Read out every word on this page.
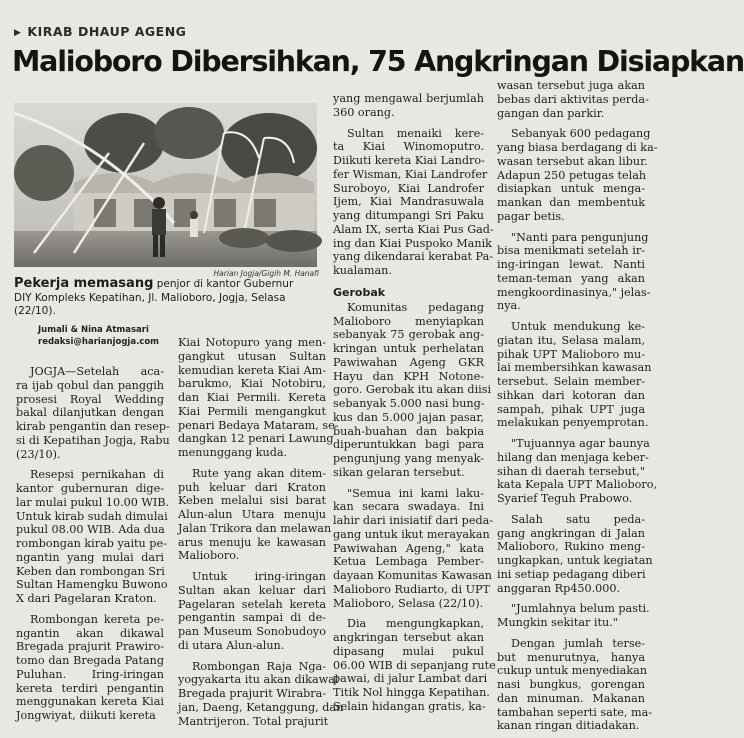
▶ KIRAB DHAUP AGENG
Malioboro Dibersihkan, 75 Angkringan Disiapkan
Harian Jogja/Gigih M. Hanafi
Pekerja memasang penjor di kantor Gubernur
DIY Kompleks Kepatihan, Jl. Malioboro, Jogja, Selasa
(22/10).
Jumali & Nina Atmasari
redaksi@harianjogja.com
JOGJA—Setelah aca-
ra ijab qobul dan panggih
prosesi Royal Wedding
bakal dilanjutkan dengan
kirab pengantin dan resep-
si di Kepatihan Jogja, Rabu
(23/10).
Resepsi pernikahan di
kantor gubernuran dige-
lar mulai pukul 10.00 WIB.
Untuk kirab sudah dimulai
pukul 08.00 WIB. Ada dua
rombongan kirab yaitu pe-
ngantin yang mulai dari
Keben dan rombongan Sri
Sultan Hamengku Buwono
X dari Pagelaran Kraton.
Rombongan kereta pe-
ngantin akan dikawal
Bregada prajurit Prawiro-
tomo dan Bregada Patang
Puluhan. Iring-iringan
kereta terdiri pengantin
menggunakan kereta Kiai
Jongwiyat, diikuti kereta
Kiai Notopuro yang men-
gangkut utusan Sultan
kemudian kereta Kiai Am-
barukmo, Kiai Notobiru,
dan Kiai Permili. Kereta
Kiai Permili mengangkut
penari Bedaya Mataram, se-
dangkan 12 penari Lawung
menunggang kuda.
Rute yang akan ditem-
puh keluar dari Kraton
Keben melalui sisi barat
Alun-alun Utara menuju
Jalan Trikora dan melawan
arus menuju ke kawasan
Malioboro.
Untuk iring-iringan
Sultan akan keluar dari
Pagelaran setelah kereta
pengantin sampai di de-
pan Museum Sonobudoyo
di utara Alun-alun.
Rombongan Raja Nga-
yogyakarta itu akan dikawal
Bregada prajurit Wirabra-
jan, Daeng, Ketanggung, dan
Mantrijeron. Total prajurit
yang mengawal berjumlah
360 orang.
Sultan menaiki kere-
ta Kiai Winomoputro.
Diikuti kereta Kiai Landro-
fer Wisman, Kiai Landrofer
Suroboyo, Kiai Landrofer
Ijem, Kiai Mandrasuwala
yang ditumpangi Sri Paku
Alam IX, serta Kiai Pus Gad-
ing dan Kiai Puspoko Manik
yang dikendarai kerabat Pa-
kualaman.
Gerobak
Komunitas pedagang
Malioboro menyiapkan
sebanyak 75 gerobak ang-
kringan untuk perhelatan
Pawiwahan Ageng GKR
Hayu dan KPH Notone-
goro. Gerobak itu akan diisi
sebanyak 5.000 nasi bung-
kus dan 5.000 jajan pasar,
buah-buahan dan bakpia
diperuntukkan bagi para
pengunjung yang menyak-
sikan gelaran tersebut.
"Semua ini kami laku-
kan secara swadaya. Ini
lahir dari inisiatif dari peda-
gang untuk ikut merayakan
Pawiwahan Ageng," kata
Ketua Lembaga Pember-
dayaan Komunitas Kawasan
Malioboro Rudiarto, di UPT
Malioboro, Selasa (22/10).
Dia mengungkapkan,
angkringan tersebut akan
dipasang mulai pukul
06.00 WIB di sepanjang rute
pawai, di jalur Lambat dari
Titik Nol hingga Kepatihan.
Selain hidangan gratis, ka-
wasan tersebut juga akan
bebas dari aktivitas perda-
gangan dan parkir.
Sebanyak 600 pedagang
yang biasa berdagang di ka-
wasan tersebut akan libur.
Adapun 250 petugas telah
disiapkan untuk menga-
mankan dan membentuk
pagar betis.
"Nanti para pengunjung
bisa menikmati setelah ir-
ing-iringan lewat. Nanti
teman-teman yang akan
mengkoordinasinya," jelas-
nya.
Untuk mendukung ke-
giatan itu, Selasa malam,
pihak UPT Malioboro mu-
lai membersihkan kawasan
tersebut. Selain member-
sihkan dari kotoran dan
sampah, pihak UPT juga
melakukan penyemprotan.
"Tujuannya agar baunya
hilang dan menjaga keber-
sihan di daerah tersebut,"
kata Kepala UPT Malioboro,
Syarief Teguh Prabowo.
Salah satu peda-
gang angkringan di Jalan
Malioboro, Rukino meng-
ungkapkan, untuk kegiatan
ini setiap pedagang diberi
anggaran Rp450.000.
"Jumlahnya belum pasti.
Mungkin sekitar itu."
Dengan jumlah terse-
but menurutnya, hanya
cukup untuk menyediakan
nasi bungkus, gorengan
dan minuman. Makanan
tambahan seperti sate, ma-
kanan ringan ditiadakan.
